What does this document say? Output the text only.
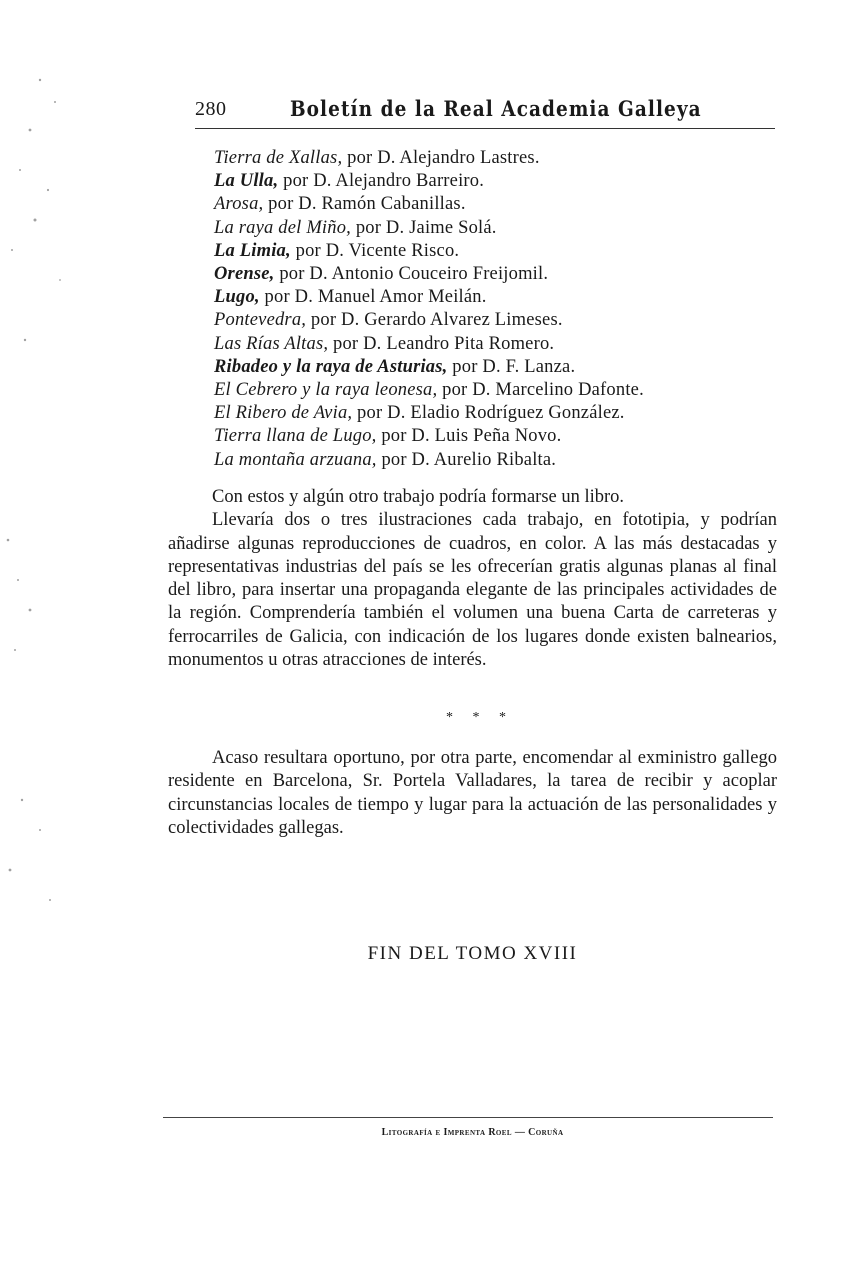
280	Boletín de la Real Academia Galleya
Tierra de Xallas, por D. Alejandro Lastres.
La Ulla, por D. Alejandro Barreiro.
Arosa, por D. Ramón Cabanillas.
La raya del Miño, por D. Jaime Solá.
La Limia, por D. Vicente Risco.
Orense, por D. Antonio Couceiro Freijomil.
Lugo, por D. Manuel Amor Meilán.
Pontevedra, por D. Gerardo Alvarez Limeses.
Las Rías Altas, por D. Leandro Pita Romero.
Ribadeo y la raya de Asturias, por D. F. Lanza.
El Cebrero y la raya leonesa, por D. Marcelino Dafonte.
El Ribero de Avia, por D. Eladio Rodríguez González.
Tierra llana de Lugo, por D. Luis Peña Novo.
La montaña arzuana, por D. Aurelio Ribalta.
Con estos y algún otro trabajo podría formarse un libro.
Llevaría dos o tres ilustraciones cada trabajo, en fototipia, y podrían añadirse algunas reproducciones de cuadros, en color. A las más destacadas y representativas industrias del país se les ofrecerían gratis algunas planas al final del libro, para insertar una propaganda elegante de las principales actividades de la región. Comprendería también el volumen una buena Carta de carreteras y ferrocarriles de Galicia, con indicación de los lugares donde existen balnearios, monumentos u otras atracciones de interés.
* * *
Acaso resultara oportuno, por otra parte, encomendar al exministro gallego residente en Barcelona, Sr. Portela Valladares, la tarea de recibir y acoplar circunstancias locales de tiempo y lugar para la actuación de las personalidades y colectividades gallegas.
FIN DEL TOMO XVIII
Litografía e Imprenta Roel — Coruña
